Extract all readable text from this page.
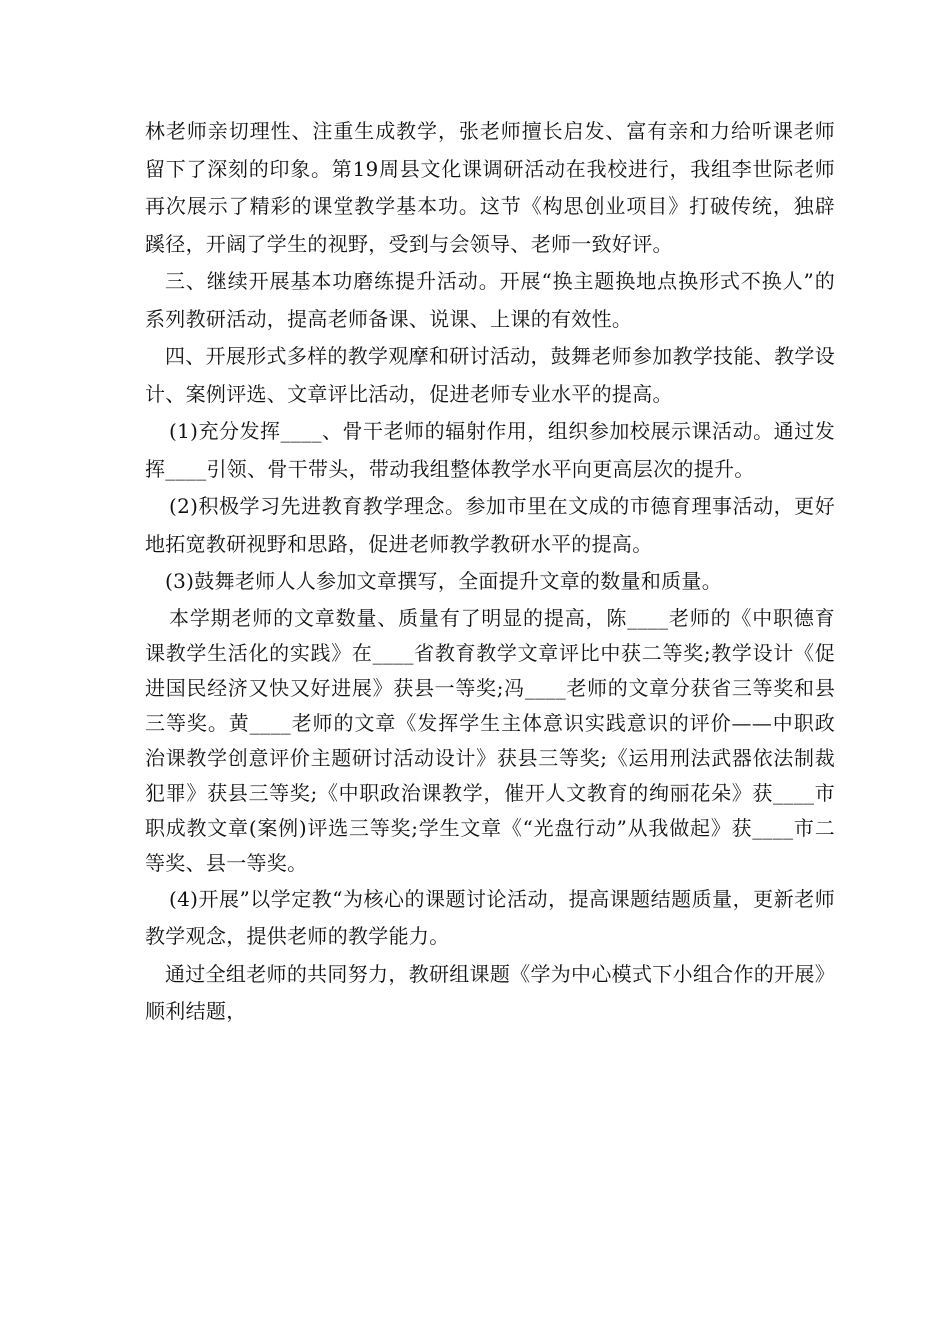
林老师亲切理性、注重生成教学，张老师擅长启发、富有亲和力给听课老师留下了深刻的印象。第19周县文化课调研活动在我校进行，我组李世际老师再次展示了精彩的课堂教学基本功。这节《构思创业项目》打破传统，独辟蹊径，开阔了学生的视野，受到与会领导、老师一致好评。

三、继续开展基本功磨练提升活动。开展“换主题换地点换形式不换人”的系列教研活动，提高老师备课、说课、上课的有效性。

四、开展形式多样的教学观摩和研讨活动，鼓舞老师参加教学技能、教学设计、案例评选、文章评比活动，促进老师专业水平的提高。

(1)充分发挥____、骨干老师的辐射作用，组织参加校展示课活动。通过发挥____引领、骨干带头，带动我组整体教学水平向更高层次的提升。

(2)积极学习先进教育教学理念。参加市里在文成的市德育理事活动，更好地拓宽教研视野和思路，促进老师教学教研水平的提高。

(3)鼓舞老师人人参加文章撰写，全面提升文章的数量和质量。

本学期老师的文章数量、质量有了明显的提高，陈____老师的《中职德育课教学生活化的实践》在____省教育教学文章评比中获二等奖;教学设计《促进国民经济又快又好进展》获县一等奖;冯____老师的文章分获省三等奖和县三等奖。黄____老师的文章《发挥学生主体意识实践意识的评价——中职政治课教学创意评价主题研讨活动设计》获县三等奖;《运用刑法武器依法制裁犯罪》获县三等奖;《中职政治课教学，催开人文教育的绚丽花朵》获____市职成教文章(案例)评选三等奖;学生文章《“光盘行动”从我做起》获____市二等奖、县一等奖。

(4)开展”以学定教“为核心的课题讨论活动，提高课题结题质量，更新老师教学观念，提供老师的教学能力。

通过全组老师的共同努力，教研组课题《学为中心模式下小组合作的开展》顺利结题，
